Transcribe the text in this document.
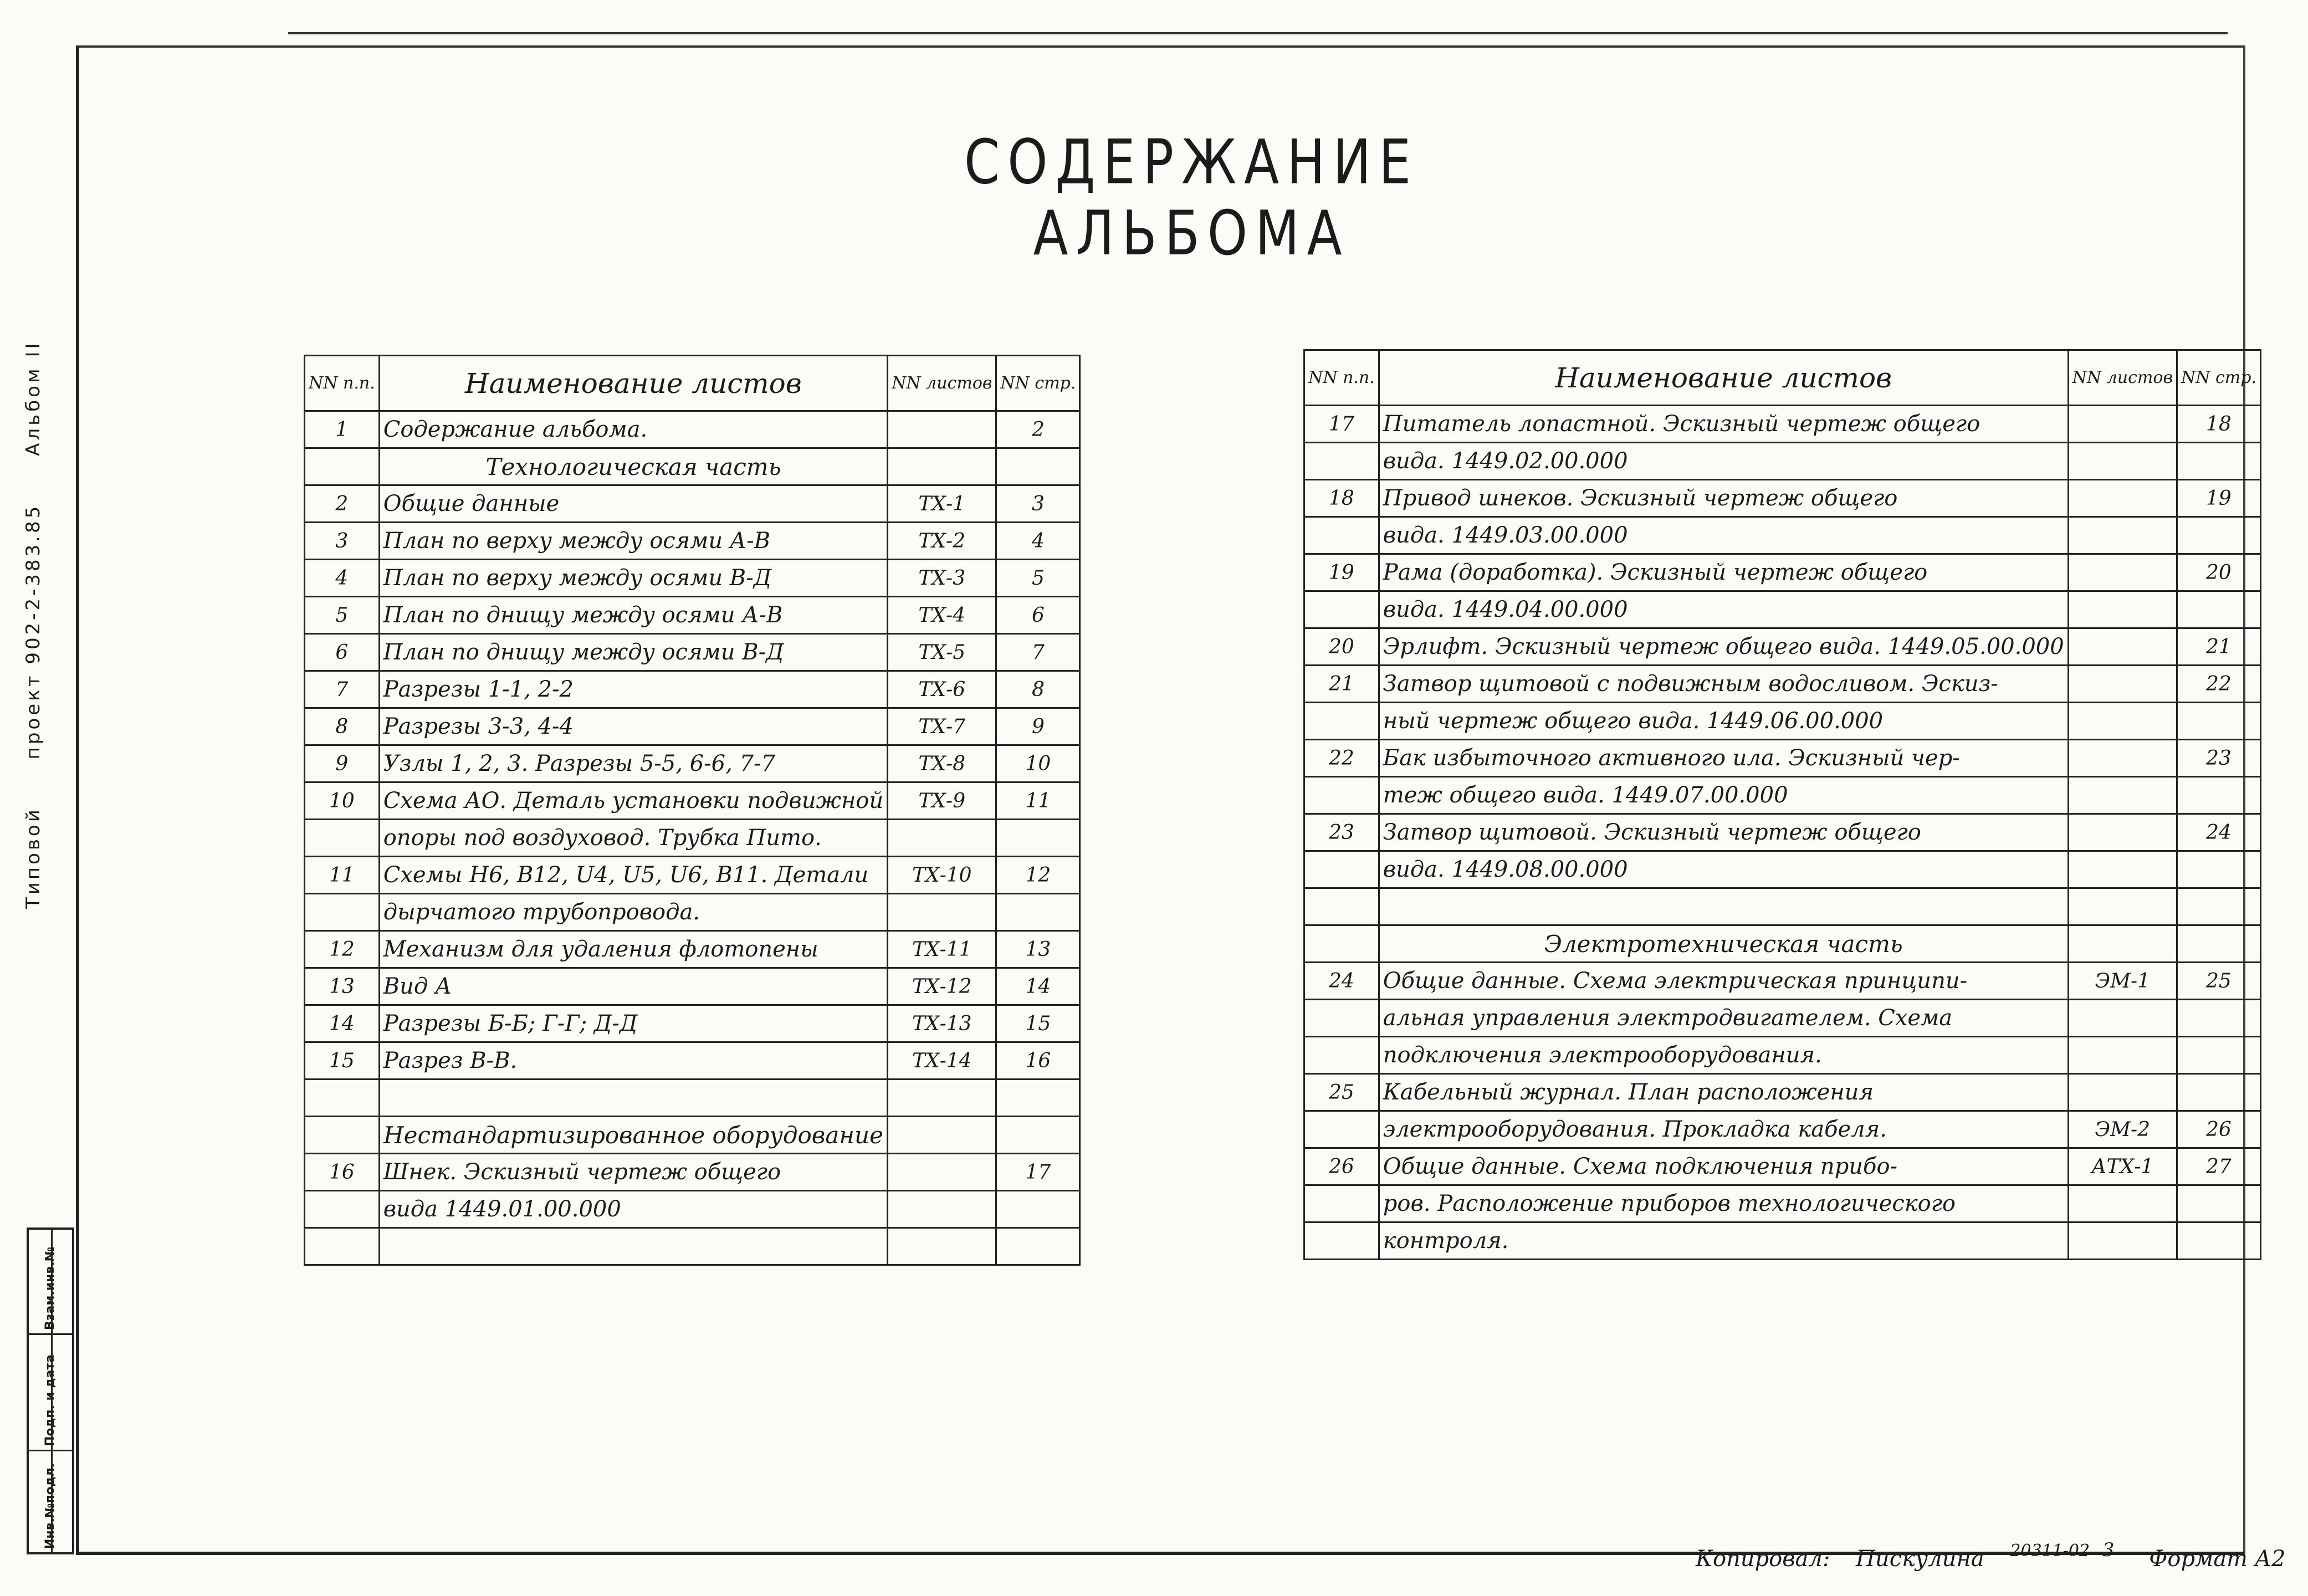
Типовой проект 902-2-383.85 Альбом II
Взам.инв.№
Подп. и дата
Инв.№подл.
СОДЕРЖАНИЕ АЛЬБОМА
NN п.п.	Наименование листов	NN листов	NN стр.
1	Содержание альбома.		2
	Технологическая часть		
2	Общие данные	ТХ-1	3
3	План по верху между осями А-В	ТХ-2	4
4	План по верху между осями В-Д	ТХ-3	5
5	План по днищу между осями А-В	ТХ-4	6
6	План по днищу между осями В-Д	ТХ-5	7
7	Разрезы 1-1, 2-2	ТХ-6	8
8	Разрезы 3-3, 4-4	ТХ-7	9
9	Узлы 1, 2, 3. Разрезы 5-5, 6-6, 7-7	ТХ-8	10
10	Схема АО. Деталь установки подвижной	ТХ-9	11
	опоры под воздуховод. Трубка Пито.		
11	Схемы Н6, В12, U4, U5, U6, В11. Детали	ТХ-10	12
	дырчатого трубопровода.		
12	Механизм для удаления флотопены	ТХ-11	13
13	Вид А	ТХ-12	14
14	Разрезы Б-Б; Г-Г; Д-Д	ТХ-13	15
15	Разрез В-В.	ТХ-14	16

	Нестандартизированное оборудование		
16	Шнек. Эскизный чертеж общего		17
	вида 1449.01.00.000		

NN п.п.	Наименование листов	NN листов	NN стр.
17	Питатель лопастной. Эскизный чертеж общего		18
	вида. 1449.02.00.000		
18	Привод шнеков. Эскизный чертеж общего		19
	вида. 1449.03.00.000		
19	Рама (доработка). Эскизный чертеж общего		20
	вида. 1449.04.00.000		
20	Эрлифт. Эскизный чертеж общего вида. 1449.05.00.000		21
21	Затвор щитовой с подвижным водосливом. Эскиз-		22
	ный чертеж общего вида. 1449.06.00.000		
22	Бак избыточного активного ила. Эскизный чер-		23
	теж общего вида. 1449.07.00.000		
23	Затвор щитовой. Эскизный чертеж общего		24
	вида. 1449.08.00.000		

	Электротехническая часть		
24	Общие данные. Схема электрическая принципи-	ЭМ-1	25
	альная управления электродвигателем. Схема		
	подключения электрооборудования.		
25	Кабельный журнал. План расположения		
	электрооборудования. Прокладка кабеля.	ЭМ-2	26
26	Общие данные. Схема подключения прибо-	АТХ-1	27
	ров. Расположение приборов технологического		
	контроля.		
Копировал: Пискулина $^{20311-02}$ $^3$ Формат А2
